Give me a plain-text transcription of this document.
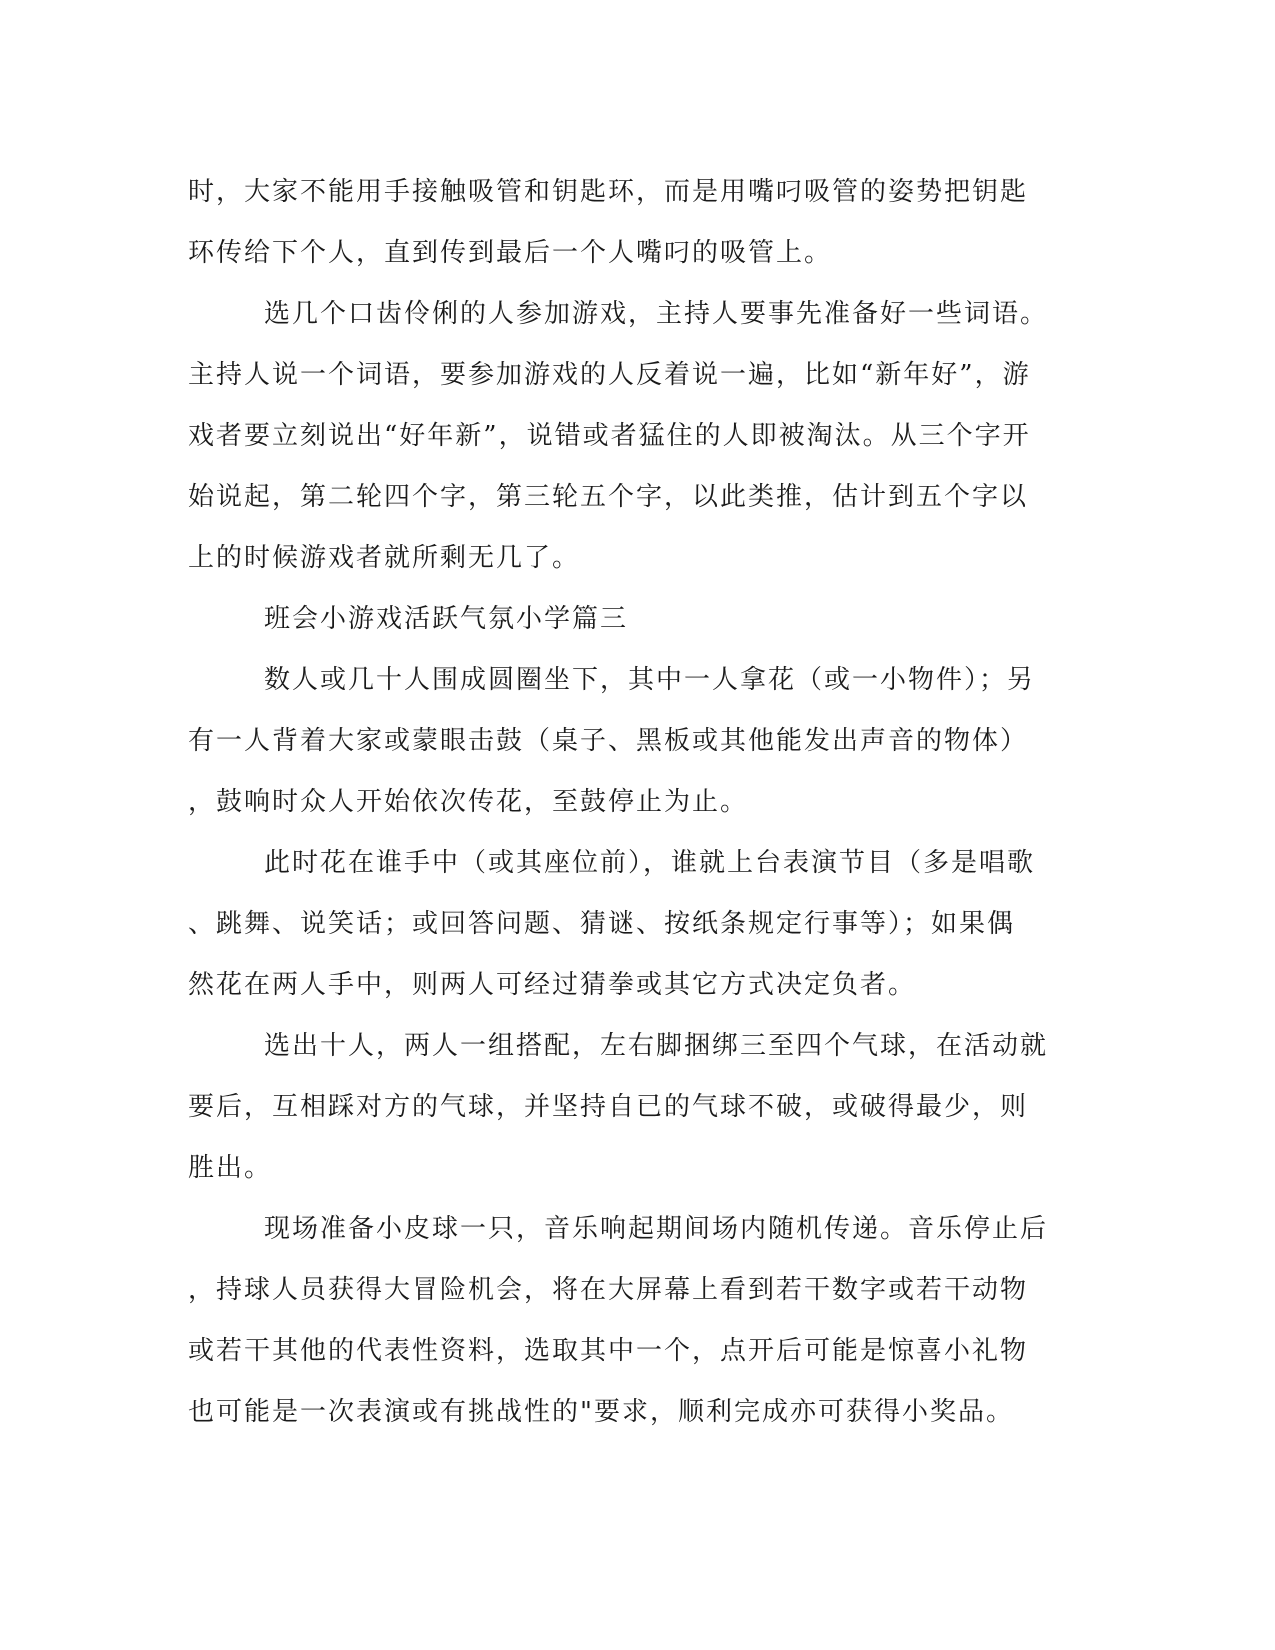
时，大家不能用手接触吸管和钥匙环，而是用嘴叼吸管的姿势把钥匙
环传给下个人，直到传到最后一个人嘴叼的吸管上。
选几个口齿伶俐的人参加游戏，主持人要事先准备好一些词语。
主持人说一个词语，要参加游戏的人反着说一遍，比如“新年好”，游
戏者要立刻说出“好年新”，说错或者猛住的人即被淘汰。从三个字开
始说起，第二轮四个字，第三轮五个字，以此类推，估计到五个字以
上的时候游戏者就所剩无几了。
班会小游戏活跃气氛小学篇三
数人或几十人围成圆圈坐下，其中一人拿花（或一小物件）；另
有一人背着大家或蒙眼击鼓（桌子、黑板或其他能发出声音的物体）
，鼓响时众人开始依次传花，至鼓停止为止。
此时花在谁手中（或其座位前），谁就上台表演节目（多是唱歌
、跳舞、说笑话；或回答问题、猜谜、按纸条规定行事等）；如果偶
然花在两人手中，则两人可经过猜拳或其它方式决定负者。
选出十人，两人一组搭配，左右脚捆绑三至四个气球，在活动就
要后，互相踩对方的气球，并坚持自已的气球不破，或破得最少，则
胜出。
现场准备小皮球一只，音乐响起期间场内随机传递。音乐停止后
，持球人员获得大冒险机会，将在大屏幕上看到若干数字或若干动物
或若干其他的代表性资料，选取其中一个，点开后可能是惊喜小礼物
也可能是一次表演或有挑战性的"要求，顺利完成亦可获得小奖品。
